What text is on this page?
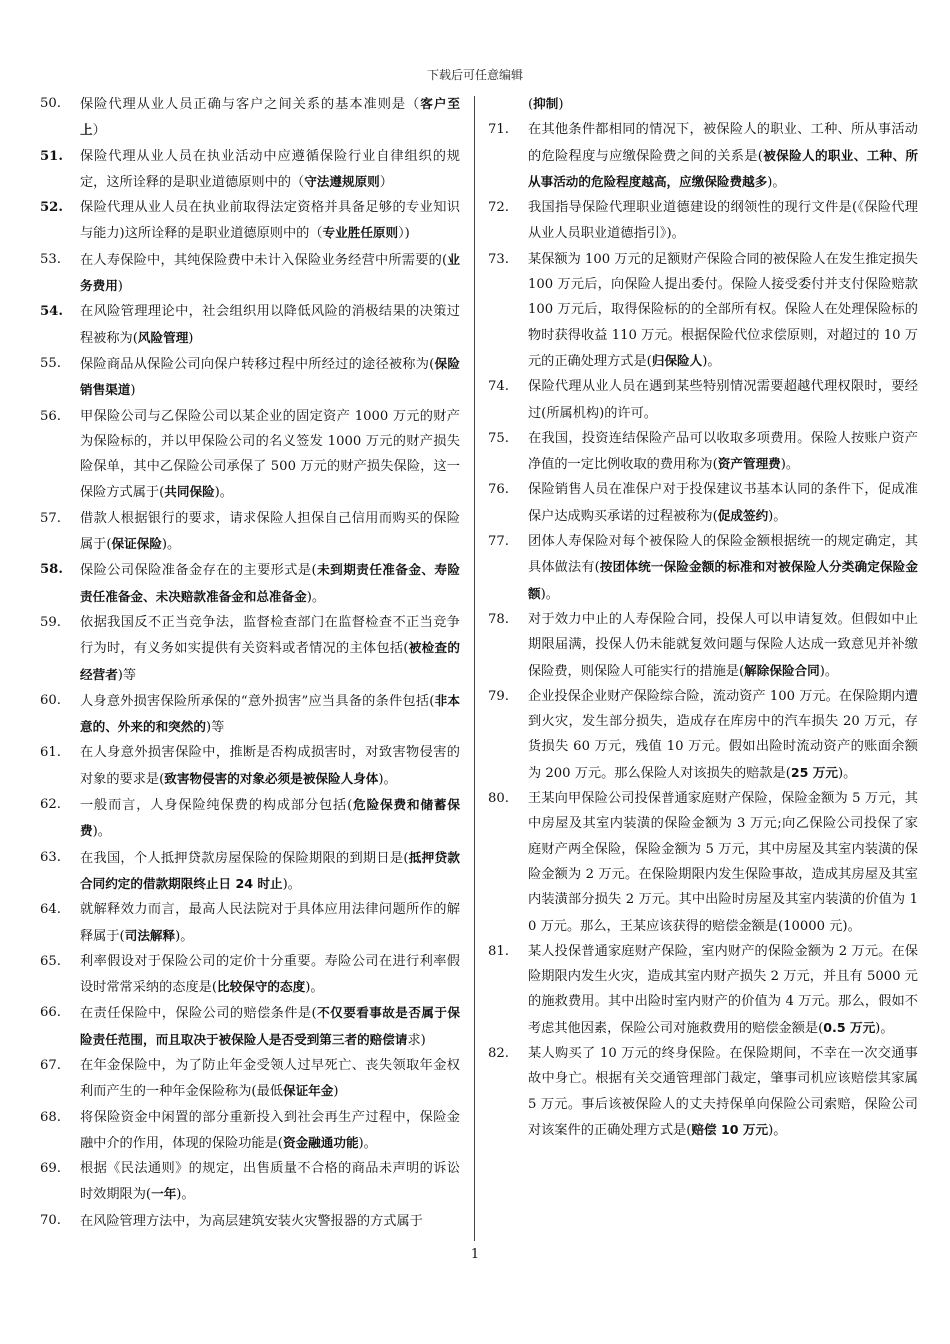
下载后可任意编辑
50.	保险代理从业人员正确与客户之间关系的基本准则是（客户至上）
51.	保险代理从业人员在执业活动中应遵循保险行业自律组织的规定，这所诠释的是职业道德原则中的（守法遵规原则）
52.	保险代理从业人员在执业前取得法定资格并具备足够的专业知识与能力)这所诠释的是职业道德原则中的（专业胜任原则）)
53.	在人寿保险中，其纯保险费中未计入保险业务经营中所需要的(业务费用)
54.	在风险管理理论中，社会组织用以降低风险的消极结果的决策过程被称为(风险管理)
55.	保险商品从保险公司向保户转移过程中所经过的途径被称为(保险销售渠道)
56.	甲保险公司与乙保险公司以某企业的固定资产 1000 万元的财产为保险标的，并以甲保险公司的名义签发 1000 万元的财产损失险保单，其中乙保险公司承保了 500 万元的财产损失保险，这一保险方式属于(共同保险)。
57.	借款人根据银行的要求，请求保险人担保自己信用而购买的保险属于(保证保险)。
58.	保险公司保险准备金存在的主要形式是(未到期责任准备金、寿险责任准备金、未决赔款准备金和总准备金)。
59.	依据我国反不正当竞争法，监督检查部门在监督检查不正当竞争行为时，有义务如实提供有关资料或者情况的主体包括(被检查的经营者)等
60.	人身意外损害保险所承保的“意外损害”应当具备的条件包括(非本意的、外来的和突然的)等
61.	在人身意外损害保险中，推断是否构成损害时，对致害物侵害的对象的要求是(致害物侵害的对象必须是被保险人身体)。
62.	一般而言，人身保险纯保费的构成部分包括(危险保费和储蓄保费)。
63.	在我国，个人抵押贷款房屋保险的保险期限的到期日是(抵押贷款合同约定的借款期限终止日 24 时止)。
64.	就解释效力而言，最高人民法院对于具体应用法律问题所作的解释属于(司法解释)。
65.	利率假设对于保险公司的定价十分重要。寿险公司在进行利率假设时常常采纳的态度是(比较保守的态度)。
66.	在责任保险中，保险公司的赔偿条件是(不仅要看事故是否属于保险责任范围，而且取决于被保险人是否受到第三者的赔偿请求)
67.	在年金保险中，为了防止年金受领人过早死亡、丧失领取年金权利而产生的一种年金保险称为(最低保证年金)
68.	将保险资金中闲置的部分重新投入到社会再生产过程中，保险金融中介的作用，体现的保险功能是(资金融通功能)。
69.	根据《民法通则》的规定，出售质量不合格的商品未声明的诉讼时效期限为(一年)。
70.	在风险管理方法中，为高层建筑安装火灾警报器的方式属于
(抑制)
71.	在其他条件都相同的情况下，被保险人的职业、工种、所从事活动的危险程度与应缴保险费之间的关系是(被保险人的职业、工种、所从事活动的危险程度越高，应缴保险费越多)。
72.	我国指导保险代理职业道德建设的纲领性的现行文件是(《保险代理从业人员职业道德指引》)。
73.	某保额为 100 万元的足额财产保险合同的被保险人在发生推定损失 100 万元后，向保险人提出委付。保险人接受委付并支付保险赔款 100 万元后，取得保险标的的全部所有权。保险人在处理保险标的物时获得收益 110 万元。根据保险代位求偿原则，对超过的 10 万元的正确处理方式是(归保险人)。
74.	保险代理从业人员在遇到某些特别情况需要超越代理权限时，要经过(所属机构)的许可。
75.	在我国，投资连结保险产品可以收取多项费用。保险人按账户资产净值的一定比例收取的费用称为(资产管理费)。
76.	保险销售人员在准保户对于投保建议书基本认同的条件下，促成准保户达成购买承诺的过程被称为(促成签约)。
77.	团体人寿保险对每个被保险人的保险金额根据统一的规定确定，其具体做法有(按团体统一保险金额的标准和对被保险人分类确定保险金额)。
78.	对于效力中止的人寿保险合同，投保人可以申请复效。但假如中止期限届满，投保人仍未能就复效问题与保险人达成一致意见并补缴保险费，则保险人可能实行的措施是(解除保险合同)。
79.	企业投保企业财产保险综合险，流动资产 100 万元。在保险期内遭到火灾，发生部分损失，造成存在库房中的汽车损失 20 万元，存货损失 60 万元，残值 10 万元。假如出险时流动资产的账面余额为 200 万元。那么保险人对该损失的赔款是(25 万元)。
80.	王某向甲保险公司投保普通家庭财产保险，保险金额为 5 万元，其中房屋及其室内装潢的保险金额为 3 万元;向乙保险公司投保了家庭财产两全保险，保险金额为 5 万元，其中房屋及其室内装潢的保险金额为 2 万元。在保险期限内发生保险事故，造成其房屋及其室内装潢部分损失 2 万元。其中出险时房屋及其室内装潢的价值为 10 万元。那么，王某应该获得的赔偿金额是(10000 元)。
81.	某人投保普通家庭财产保险，室内财产的保险金额为 2 万元。在保险期限内发生火灾，造成其室内财产损失 2 万元，并且有 5000 元的施救费用。其中出险时室内财产的价值为 4 万元。那么，假如不考虑其他因素，保险公司对施救费用的赔偿金额是(0.5 万元)。
82.	某人购买了 10 万元的终身保险。在保险期间，不幸在一次交通事故中身亡。根据有关交通管理部门裁定，肇事司机应该赔偿其家属 5 万元。事后该被保险人的丈夫持保单向保险公司索赔，保险公司对该案件的正确处理方式是(赔偿 10 万元)。
1
